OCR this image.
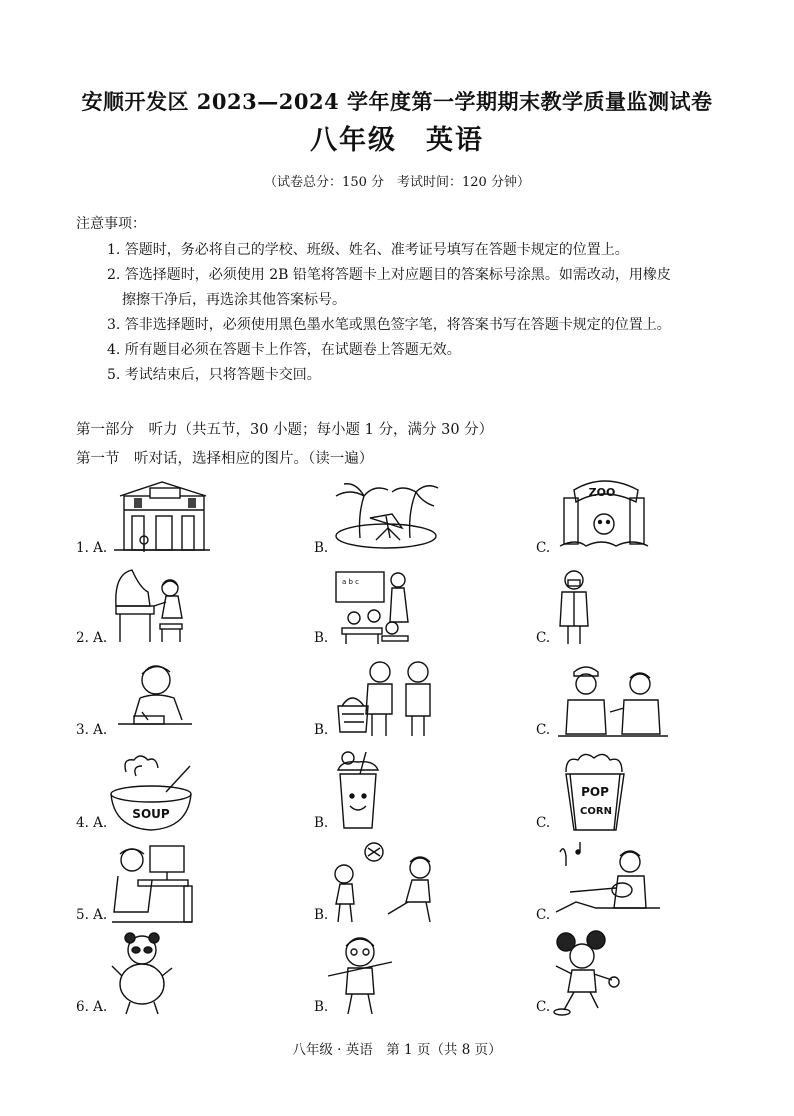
安顺开发区 2023—2024 学年度第一学期期末教学质量监测试卷
八年级　英语
（试卷总分：150 分　考试时间：120 分钟）
注意事项：
1. 答题时，务必将自己的学校、班级、姓名、准考证号填写在答题卡规定的位置上。
2. 答选择题时，必须使用 2B 铅笔将答题卡上对应题目的答案标号涂黑。如需改动，用橡皮
擦擦干净后，再选涂其他答案标号。
3. 答非选择题时，必须使用黑色墨水笔或黑色签字笔，将答案书写在答题卡规定的位置上。
4. 所有题目必须在答题卡上作答，在试题卷上答题无效。
5. 考试结束后，只将答题卡交回。
第一部分　听力（共五节，30 小题；每小题 1 分，满分 30 分）
第一节　听对话，选择相应的图片。（读一遍）
1. A.	B.	C.
ZOO
2. A.	B.	C.
a b c
3. A.	B.	C.
4. A.	B.	C.
SOUP
POP
CORN
5. A.	B.	C.
6. A.	B.	C.
八年级 · 英语　第 1 页（共 8 页）
